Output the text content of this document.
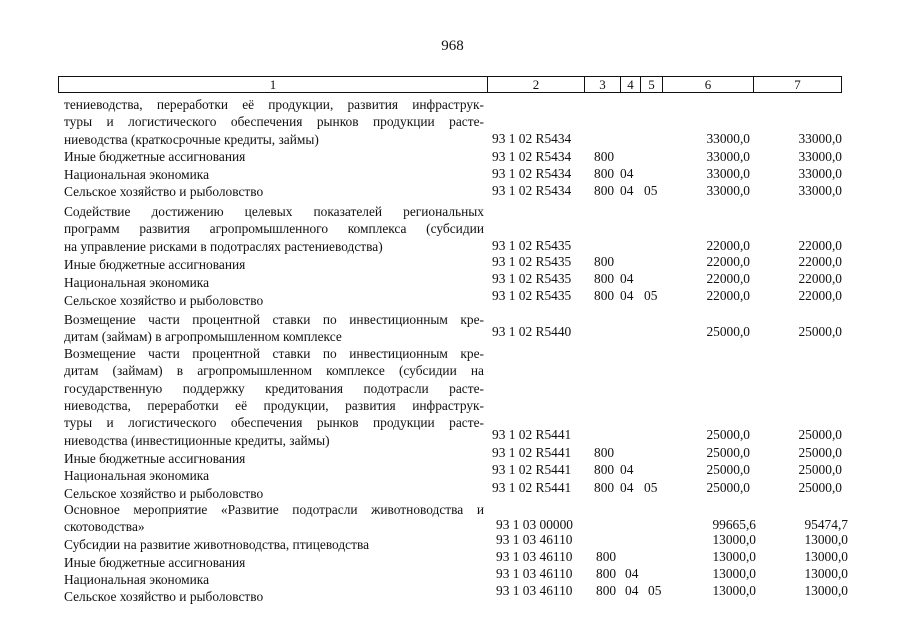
968
1	2	3	4	5	6	7
тениеводства, переработки её продукции, развития инфраструк-
туры и логистического обеспечения рынков продукции расте-
ниеводства (краткосрочные кредиты, займы)	93 1 02 R5434	33000,0	33000,0
Иные бюджетные ассигнования	93 1 02 R5434	800	33000,0	33000,0
Национальная экономика	93 1 02 R5434	800 04	33000,0	33000,0
Сельское хозяйство и рыболовство	93 1 02 R5434	800 04 05	33000,0	33000,0
Содействие достижению целевых показателей региональных
программ развития агропромышленного комплекса (субсидии
на управление рисками в подотраслях растениеводства)	93 1 02 R5435	22000,0	22000,0
Иные бюджетные ассигнования	93 1 02 R5435	800	22000,0	22000,0
Национальная экономика	93 1 02 R5435	800 04	22000,0	22000,0
Сельское хозяйство и рыболовство	93 1 02 R5435	800 04 05	22000,0	22000,0
Возмещение части процентной ставки по инвестиционным кре-
дитам (займам) в агропромышленном комплексе	93 1 02 R5440	25000,0	25000,0
Возмещение части процентной ставки по инвестиционным кре-
дитам (займам) в агропромышленном комплексе (субсидии на
государственную поддержку кредитования подотрасли расте-
ниеводства, переработки её продукции, развития инфраструк-
туры и логистического обеспечения рынков продукции расте-
ниеводства (инвестиционные кредиты, займы)	93 1 02 R5441	25000,0	25000,0
Иные бюджетные ассигнования	93 1 02 R5441	800	25000,0	25000,0
Национальная экономика	93 1 02 R5441	800 04	25000,0	25000,0
Сельское хозяйство и рыболовство	93 1 02 R5441	800 04 05	25000,0	25000,0
Основное мероприятие «Развитие подотрасли животноводства и
скотоводства»	93 1 03 00000	99665,6	95474,7
Субсидии на развитие животноводства, птицеводства	93 1 03 46110	13000,0	13000,0
Иные бюджетные ассигнования	93 1 03 46110	800	13000,0	13000,0
Национальная экономика	93 1 03 46110	800 04	13000,0	13000,0
Сельское хозяйство и рыболовство	93 1 03 46110	800 04 05	13000,0	13000,0
